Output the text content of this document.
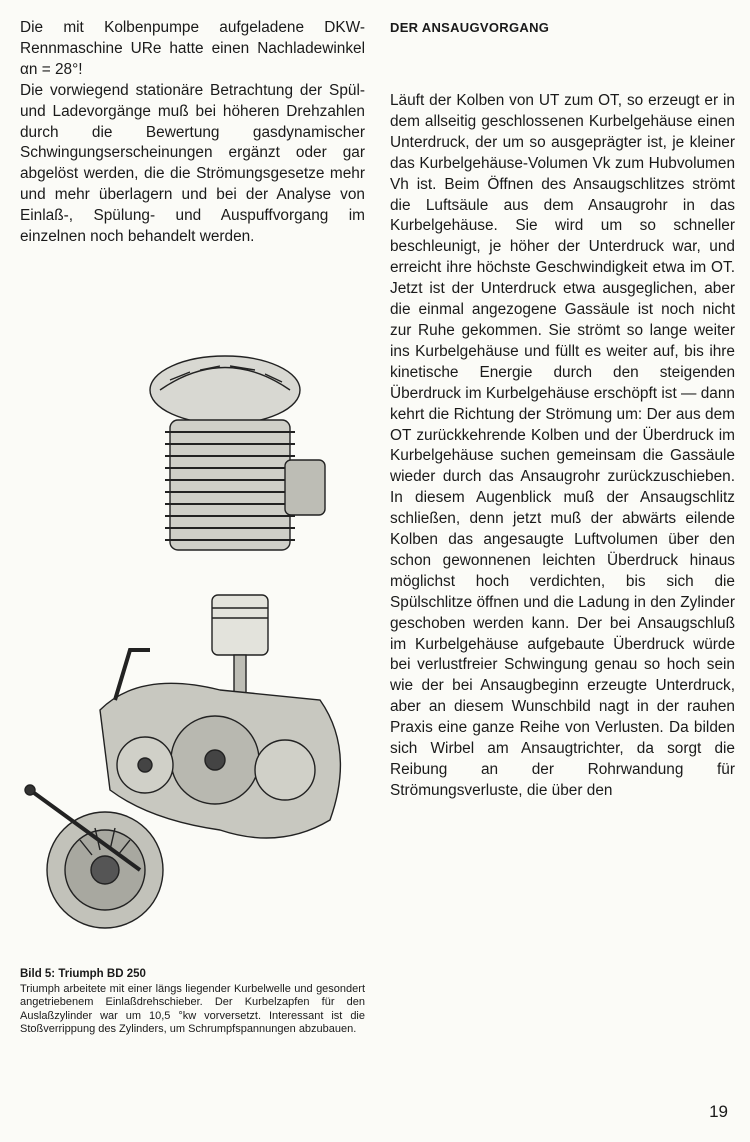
Die mit Kolbenpumpe aufgeladene DKW-Rennmaschine URe hatte einen Nachladewinkel αn = 28°!

Die vorwiegend stationäre Betrachtung der Spül- und Ladevorgänge muß bei höheren Drehzahlen durch die Bewertung gasdynamischer Schwingungserscheinungen ergänzt oder gar abgelöst werden, die die Strömungsgesetze mehr und mehr überlagern und bei der Analyse von Einlaß-, Spülung- und Auspuffvorgang im einzelnen noch behandelt werden.

Bild 5: Triumph BD 250
Triumph arbeitete mit einer längs liegender Kurbelwelle und gesondert angetriebenem Einlaßdrehschieber. Der Kurbelzapfen für den Auslaßzylinder war um 10,5 °kw vorversetzt. Interessant ist die Stoßverrippung des Zylinders, um Schrumpfspannungen abzubauen.
DER ANSAUGVORGANG

Läuft der Kolben von UT zum OT, so erzeugt er in dem allseitig geschlossenen Kurbelgehäuse einen Unterdruck, der um so ausgeprägter ist, je kleiner das Kurbelgehäuse-Volumen Vk zum Hubvolumen Vh ist. Beim Öffnen des Ansaugschlitzes strömt die Luftsäule aus dem Ansaugrohr in das Kurbelgehäuse. Sie wird um so schneller beschleunigt, je höher der Unterdruck war, und erreicht ihre höchste Geschwindigkeit etwa im OT. Jetzt ist der Unterdruck etwa ausgeglichen, aber die einmal angezogene Gassäule ist noch nicht zur Ruhe gekommen. Sie strömt so lange weiter ins Kurbelgehäuse und füllt es weiter auf, bis ihre kinetische Energie durch den steigenden Überdruck im Kurbelgehäuse erschöpft ist — dann kehrt die Richtung der Strömung um: Der aus dem OT zurückkehrende Kolben und der Überdruck im Kurbelgehäuse suchen gemeinsam die Gassäule wieder durch das Ansaugrohr zurückzuschieben. In diesem Augenblick muß der Ansaugschlitz schließen, denn jetzt muß der abwärts eilende Kolben das angesaugte Luftvolumen über den schon gewonnenen leichten Überdruck hinaus möglichst hoch verdichten, bis sich die Spülschlitze öffnen und die Ladung in den Zylinder geschoben werden kann. Der bei Ansaugschluß im Kurbelgehäuse aufgebaute Überdruck würde bei verlustfreier Schwingung genau so hoch sein wie der bei Ansaugbeginn erzeugte Unterdruck, aber an diesem Wunschbild nagt in der rauhen Praxis eine ganze Reihe von Verlusten. Da bilden sich Wirbel am Ansaugtrichter, da sorgt die Reibung an der Rohrwandung für Strömungsverluste, die über den

19
